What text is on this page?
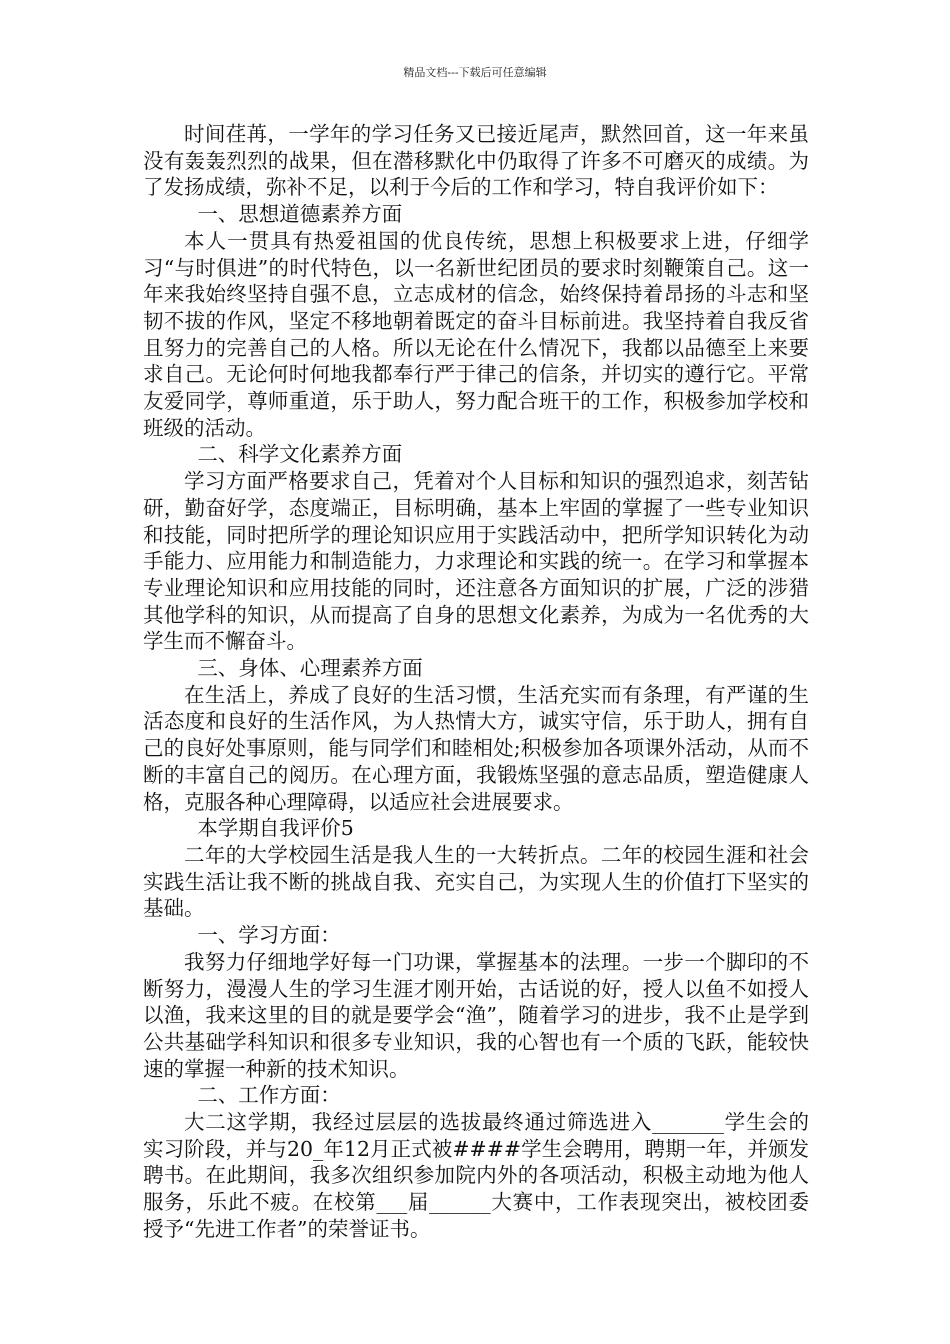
精品文档---下载后可任意编辑

时间荏苒，一学年的学习任务又已接近尾声，默然回首，这一年来虽没有轰轰烈烈的战果，但在潜移默化中仍取得了许多不可磨灭的成绩。为了发扬成绩，弥补不足，以利于今后的工作和学习，特自我评价如下：

一、思想道德素养方面

本人一贯具有热爱祖国的优良传统，思想上积极要求上进，仔细学习“与时俱进”的时代特色，以一名新世纪团员的要求时刻鞭策自己。这一年来我始终坚持自强不息，立志成材的信念，始终保持着昂扬的斗志和坚韧不拔的作风，坚定不移地朝着既定的奋斗目标前进。我坚持着自我反省且努力的完善自己的人格。所以无论在什么情况下，我都以品德至上来要求自己。无论何时何地我都奉行严于律己的信条，并切实的遵行它。平常友爱同学，尊师重道，乐于助人，努力配合班干的工作，积极参加学校和班级的活动。

二、科学文化素养方面

学习方面严格要求自己，凭着对个人目标和知识的强烈追求，刻苦钻研，勤奋好学，态度端正，目标明确，基本上牢固的掌握了一些专业知识和技能，同时把所学的理论知识应用于实践活动中，把所学知识转化为动手能力、应用能力和制造能力，力求理论和实践的统一。在学习和掌握本专业理论知识和应用技能的同时，还注意各方面知识的扩展，广泛的涉猎其他学科的知识，从而提高了自身的思想文化素养，为成为一名优秀的大学生而不懈奋斗。

三、身体、心理素养方面

在生活上，养成了良好的生活习惯，生活充实而有条理，有严谨的生活态度和良好的生活作风，为人热情大方，诚实守信，乐于助人，拥有自己的良好处事原则，能与同学们和睦相处;积极参加各项课外活动，从而不断的丰富自己的阅历。在心理方面，我锻炼坚强的意志品质，塑造健康人格，克服各种心理障碍，以适应社会进展要求。

本学期自我评价5

二年的大学校园生活是我人生的一大转折点。二年的校园生涯和社会实践生活让我不断的挑战自我、充实自己，为实现人生的价值打下坚实的基础。

一、学习方面：

我努力仔细地学好每一门功课，掌握基本的法理。一步一个脚印的不断努力，漫漫人生的学习生涯才刚开始，古话说的好，授人以鱼不如授人以渔，我来这里的目的就是要学会“渔”，随着学习的进步，我不止是学到公共基础学科知识和很多专业知识，我的心智也有一个质的飞跃，能较快速的掌握一种新的技术知识。

二、工作方面：

大二这学期，我经过层层的选拔最终通过筛选进入_______学生会的实习阶段，并与20_年12月正式被####学生会聘用，聘期一年，并颁发聘书。在此期间，我多次组织参加院内外的各项活动，积极主动地为他人服务，乐此不疲。在校第___届______大赛中，工作表现突出，被校团委授予“先进工作者”的荣誉证书。
